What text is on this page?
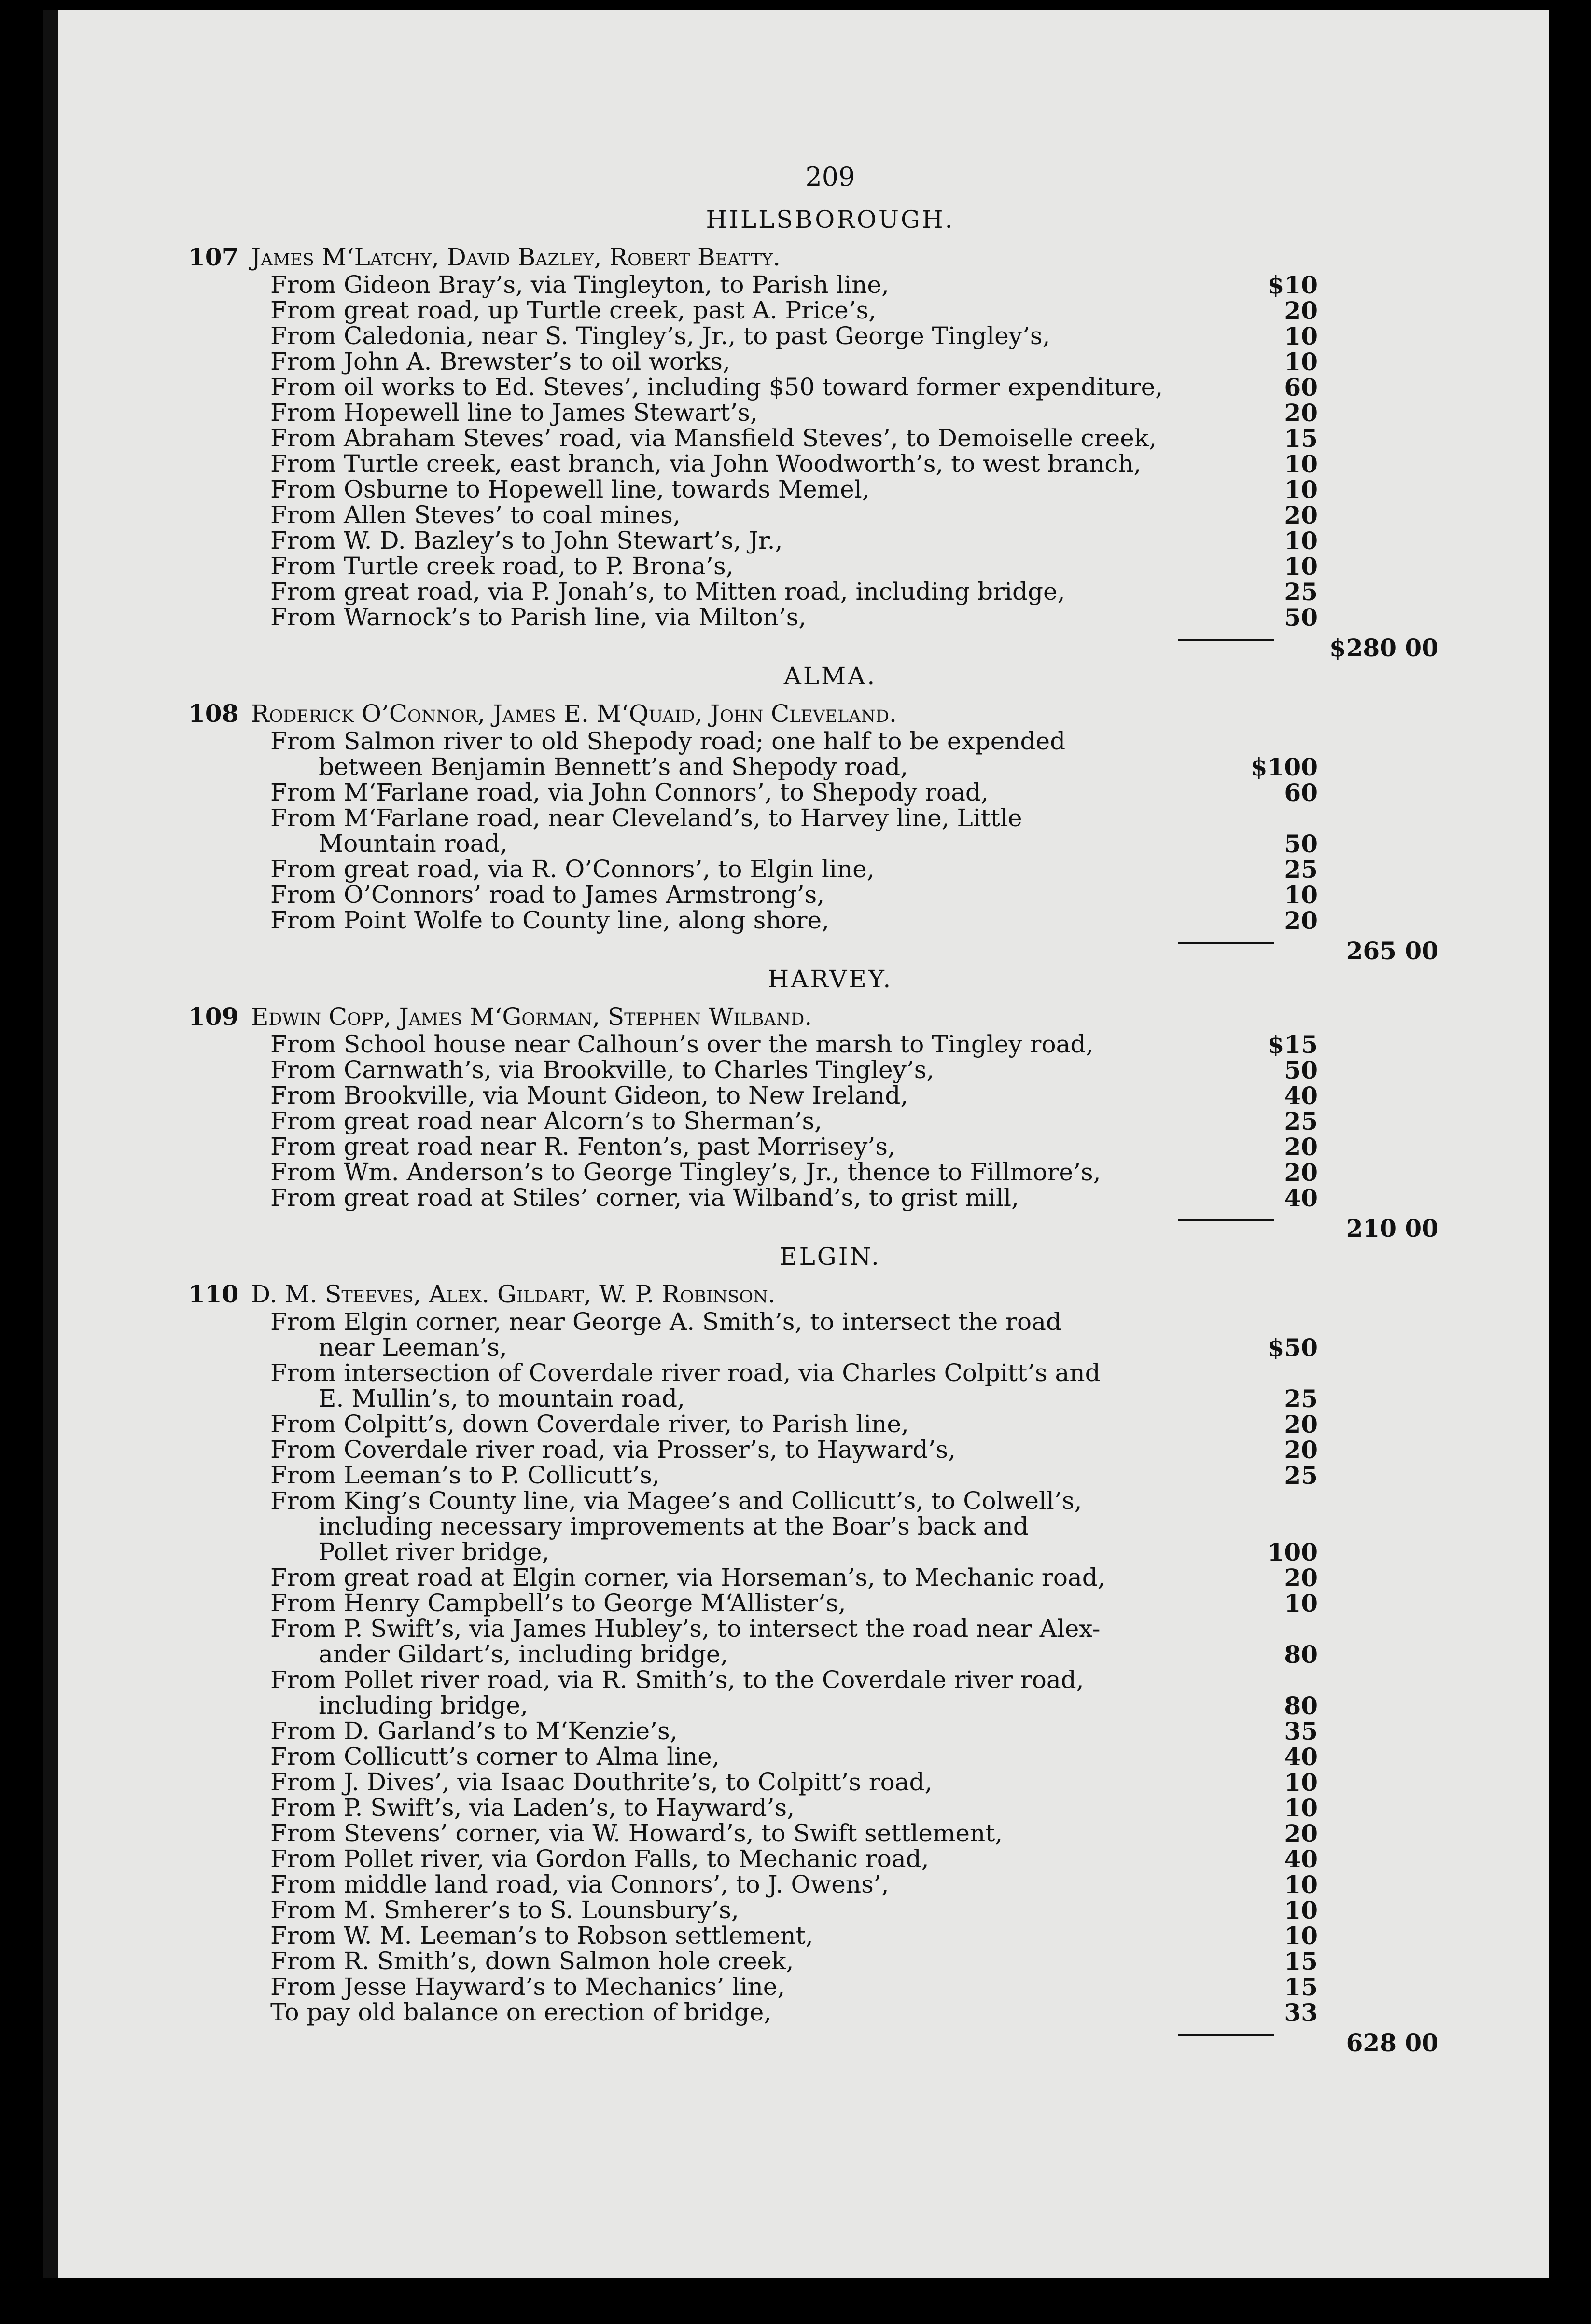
209
HILLSBOROUGH.
107 James M‘Latchy, David Bazley, Robert Beatty.
From Gideon Bray’s, via Tingleyton, to Parish line,	$10
From great road, up Turtle creek, past A. Price’s,	20
From Caledonia, near S. Tingley’s, Jr., to past George Tingley’s,	10
From John A. Brewster’s to oil works,	10
From oil works to Ed. Steves’, including $50 toward former expenditure,	60
From Hopewell line to James Stewart’s,	20
From Abraham Steves’ road, via Mansfield Steves’, to Demoiselle creek,	15
From Turtle creek, east branch, via John Woodworth’s, to west branch,	10
From Osburne to Hopewell line, towards Memel,	10
From Allen Steves’ to coal mines,	20
From W. D. Bazley’s to John Stewart’s, Jr.,	10
From Turtle creek road, to P. Brona’s,	10
From great road, via P. Jonah’s, to Mitten road, including bridge,	25
From Warnock’s to Parish line, via Milton’s,	50
$280 00
ALMA.
108 Roderick O’Connor, James E. M‘Quaid, John Cleveland.
From Salmon river to old Shepody road; one half to be expended
between Benjamin Bennett’s and Shepody road,	$100
From M‘Farlane road, via John Connors’, to Shepody road,	60
From M‘Farlane road, near Cleveland’s, to Harvey line, Little
Mountain road,	50
From great road, via R. O’Connors’, to Elgin line,	25
From O’Connors’ road to James Armstrong’s,	10
From Point Wolfe to County line, along shore,	20
265 00
HARVEY.
109 Edwin Copp, James M‘Gorman, Stephen Wilband.
From School house near Calhoun’s over the marsh to Tingley road,	$15
From Carnwath’s, via Brookville, to Charles Tingley’s,	50
From Brookville, via Mount Gideon, to New Ireland,	40
From great road near Alcorn’s to Sherman’s,	25
From great road near R. Fenton’s, past Morrisey’s,	20
From Wm. Anderson’s to George Tingley’s, Jr., thence to Fillmore’s,	20
From great road at Stiles’ corner, via Wilband’s, to grist mill,	40
210 00
ELGIN.
110 D. M. Steeves, Alex. Gildart, W. P. Robinson.
From Elgin corner, near George A. Smith’s, to intersect the road
near Leeman’s,	$50
From intersection of Coverdale river road, via Charles Colpitt’s and
E. Mullin’s, to mountain road,	25
From Colpitt’s, down Coverdale river, to Parish line,	20
From Coverdale river road, via Prosser’s, to Hayward’s,	20
From Leeman’s to P. Collicutt’s,	25
From King’s County line, via Magee’s and Collicutt’s, to Colwell’s,
including necessary improvements at the Boar’s back and
Pollet river bridge,	100
From great road at Elgin corner, via Horseman’s, to Mechanic road,	20
From Henry Campbell’s to George M‘Allister’s,	10
From P. Swift’s, via James Hubley’s, to intersect the road near Alex-
ander Gildart’s, including bridge,	80
From Pollet river road, via R. Smith’s, to the Coverdale river road,
including bridge,	80
From D. Garland’s to M‘Kenzie’s,	35
From Collicutt’s corner to Alma line,	40
From J. Dives’, via Isaac Douthrite’s, to Colpitt’s road,	10
From P. Swift’s, via Laden’s, to Hayward’s,	10
From Stevens’ corner, via W. Howard’s, to Swift settlement,	20
From Pollet river, via Gordon Falls, to Mechanic road,	40
From middle land road, via Connors’, to J. Owens’,	10
From M. Smherer’s to S. Lounsbury’s,	10
From W. M. Leeman’s to Robson settlement,	10
From R. Smith’s, down Salmon hole creek,	15
From Jesse Hayward’s to Mechanics’ line,	15
To pay old balance on erection of bridge,	33
628 00
